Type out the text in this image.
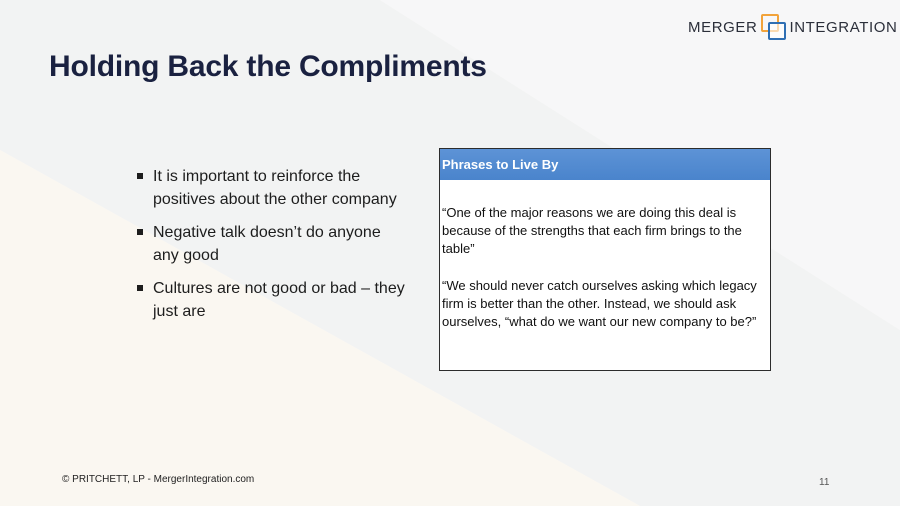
MERGER INTEGRATION
Holding Back the Compliments
It is important to reinforce the positives about the other company
Negative talk doesn’t do anyone any good
Cultures are not good or bad – they just are
Phrases to Live By

“One of the major reasons we are doing this deal is because of the strengths that each firm brings to the table”

“We should never catch ourselves asking which legacy firm is better than the other. Instead, we should ask ourselves, “what do we want our new company to be?”

© PRITCHETT, LP - MergerIntegration.com	11
